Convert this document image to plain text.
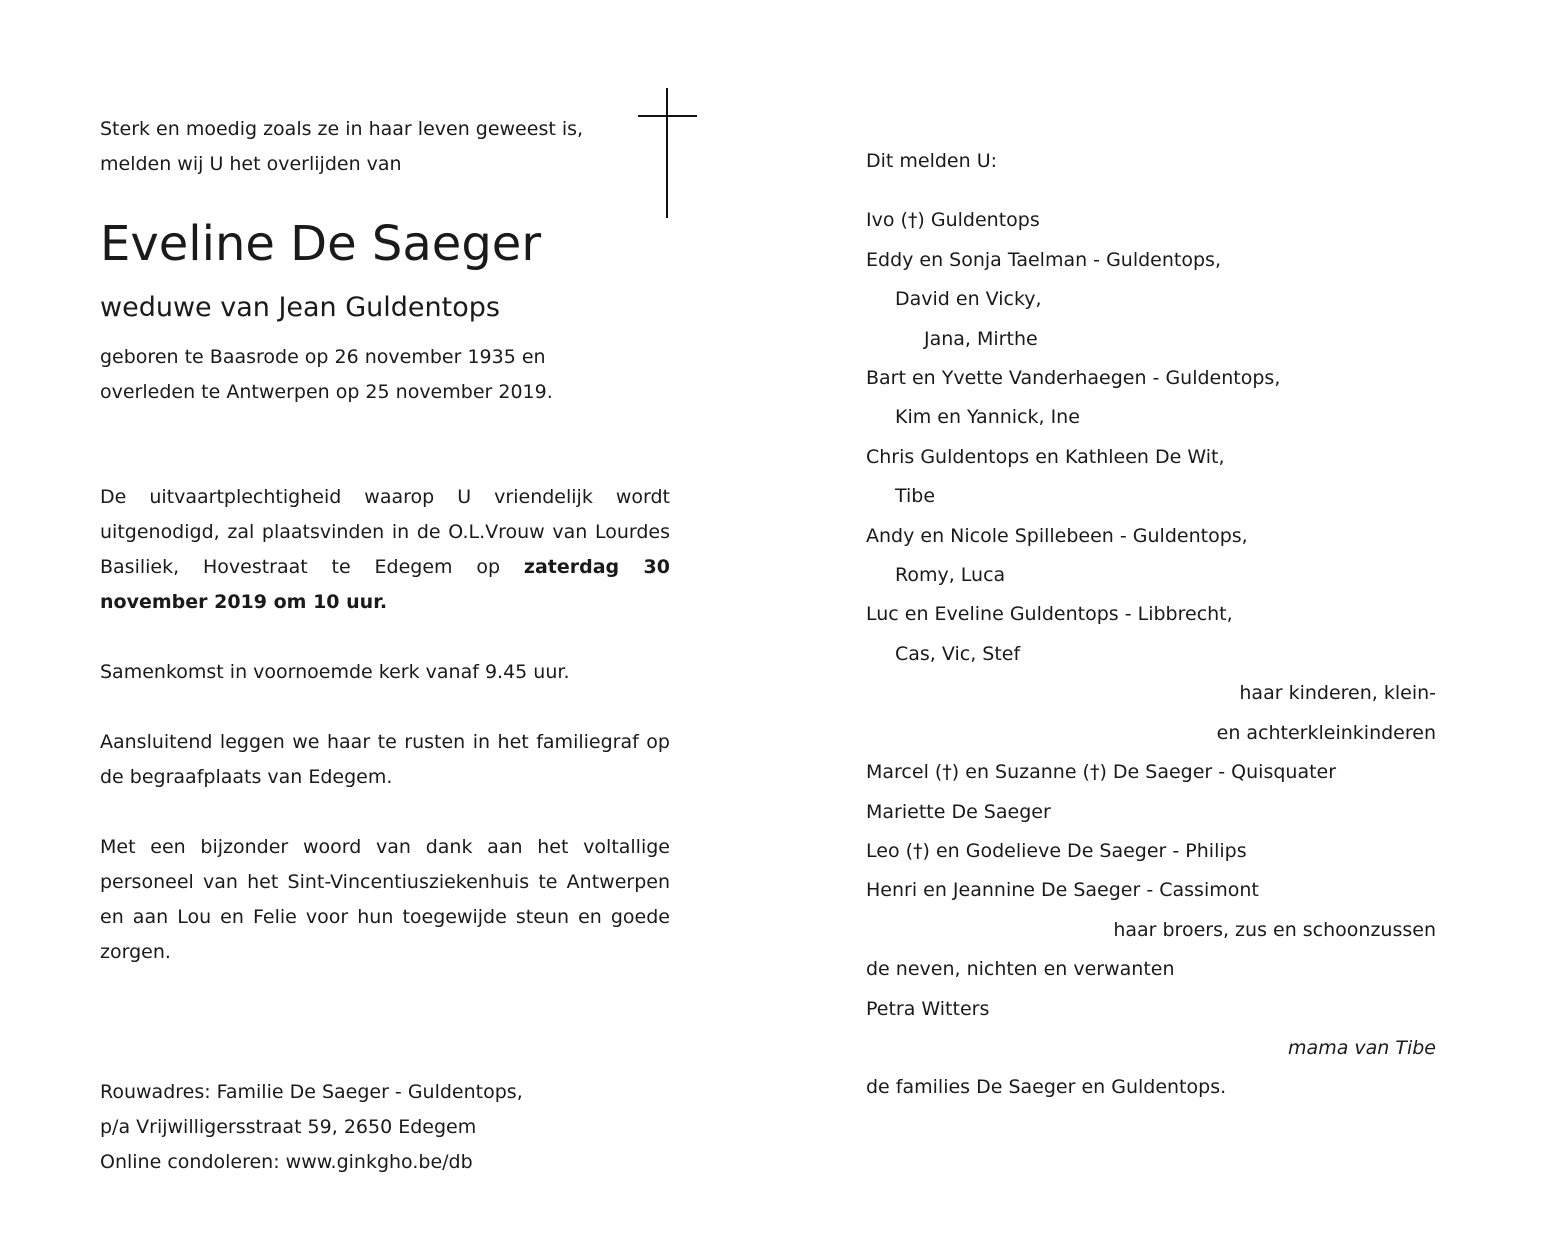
Sterk en moedig zoals ze in haar leven geweest is,
melden wij U het overlijden van
Eveline De Saeger
weduwe van Jean Guldentops
geboren te Baasrode op 26 november 1935 en
overleden te Antwerpen op 25 november 2019.
De uitvaartplechtigheid waarop U vriendelijk wordt uitgenodigd, zal plaatsvinden in de O.L.Vrouw van Lourdes Basiliek, Hovestraat te Edegem op zaterdag 30 november 2019 om 10 uur.
Samenkomst in voornoemde kerk vanaf 9.45 uur.
Aansluitend leggen we haar te rusten in het familiegraf op de begraafplaats van Edegem.
Met een bijzonder woord van dank aan het voltallige personeel van het Sint-Vincentiusziekenhuis te Antwerpen en aan Lou en Felie voor hun toegewijde steun en goede zorgen.
Rouwadres: Familie De Saeger - Guldentops,
p/a Vrijwilligersstraat 59, 2650 Edegem
Online condoleren: www.ginkgho.be/db
Dit melden U:
Ivo (†) Guldentops
Eddy en Sonja Taelman - Guldentops,
David en Vicky,
Jana, Mirthe
Bart en Yvette Vanderhaegen - Guldentops,
Kim en Yannick, Ine
Chris Guldentops en Kathleen De Wit,
Tibe
Andy en Nicole Spillebeen - Guldentops,
Romy, Luca
Luc en Eveline Guldentops - Libbrecht,
Cas, Vic, Stef
haar kinderen, klein-
en achterkleinkinderen
Marcel (†) en Suzanne (†) De Saeger - Quisquater
Mariette De Saeger
Leo (†) en Godelieve De Saeger - Philips
Henri en Jeannine De Saeger - Cassimont
haar broers, zus en schoonzussen
de neven, nichten en verwanten
Petra Witters
mama van Tibe
de families De Saeger en Guldentops.
